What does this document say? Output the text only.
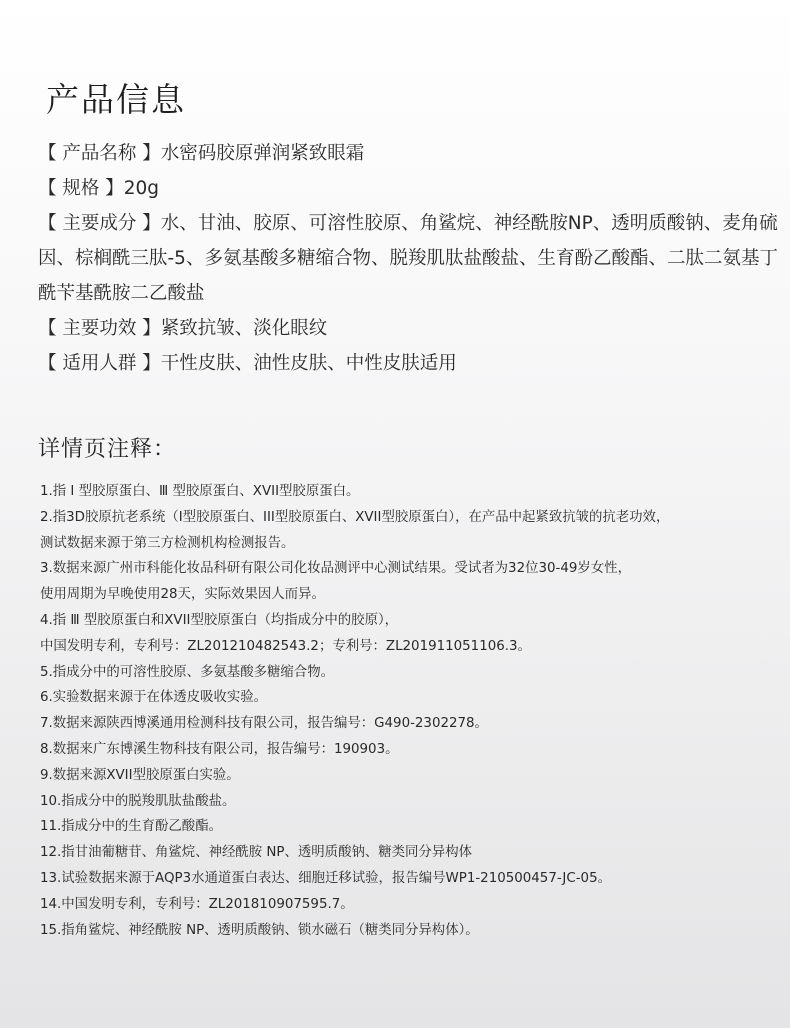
产品信息

【 产品名称 】水密码胶原弹润紧致眼霜

【 规格 】20g

【 主要成分 】水、甘油、胶原、可溶性胶原、角鲨烷、神经酰胺NP、透明质酸钠、麦角硫因、棕榈酰三肽-5、多氨基酸多糖缩合物、脱羧肌肽盐酸盐、生育酚乙酸酯、二肽二氨基丁酰苄基酰胺二乙酸盐

【 主要功效 】紧致抗皱、淡化眼纹

【 适用人群 】干性皮肤、油性皮肤、中性皮肤适用

详情页注释：
1.指 Ⅰ 型胶原蛋白、Ⅲ 型胶原蛋白、XVII型胶原蛋白。
2.指3D胶原抗老系统（I型胶原蛋白、III型胶原蛋白、XVII型胶原蛋白），在产品中起紧致抗皱的抗老功效，
测试数据来源于第三方检测机构检测报告。
3.数据来源广州市科能化妆品科研有限公司化妆品测评中心测试结果。受试者为32位30-49岁女性，
使用周期为早晚使用28天，实际效果因人而异。
4.指 Ⅲ 型胶原蛋白和XVII型胶原蛋白（均指成分中的胶原），
中国发明专利，专利号：ZL201210482543.2；专利号：ZL201911051106.3。
5.指成分中的可溶性胶原、多氨基酸多糖缩合物。
6.实验数据来源于在体透皮吸收实验。
7.数据来源陕西博溪通用检测科技有限公司，报告编号：G490-2302278。
8.数据来广东博溪生物科技有限公司，报告编号：190903。
9.数据来源XVII型胶原蛋白实验。
10.指成分中的脱羧肌肽盐酸盐。
11.指成分中的生育酚乙酸酯。
12.指甘油葡糖苷、角鲨烷、神经酰胺 NP、透明质酸钠、糖类同分异构体
13.试验数据来源于AQP3水通道蛋白表达、细胞迁移试验，报告编号WP1-210500457-JC-05。
14.中国发明专利，专利号：ZL201810907595.7。
15.指角鲨烷、神经酰胺 NP、透明质酸钠、锁水磁石（糖类同分异构体）。
